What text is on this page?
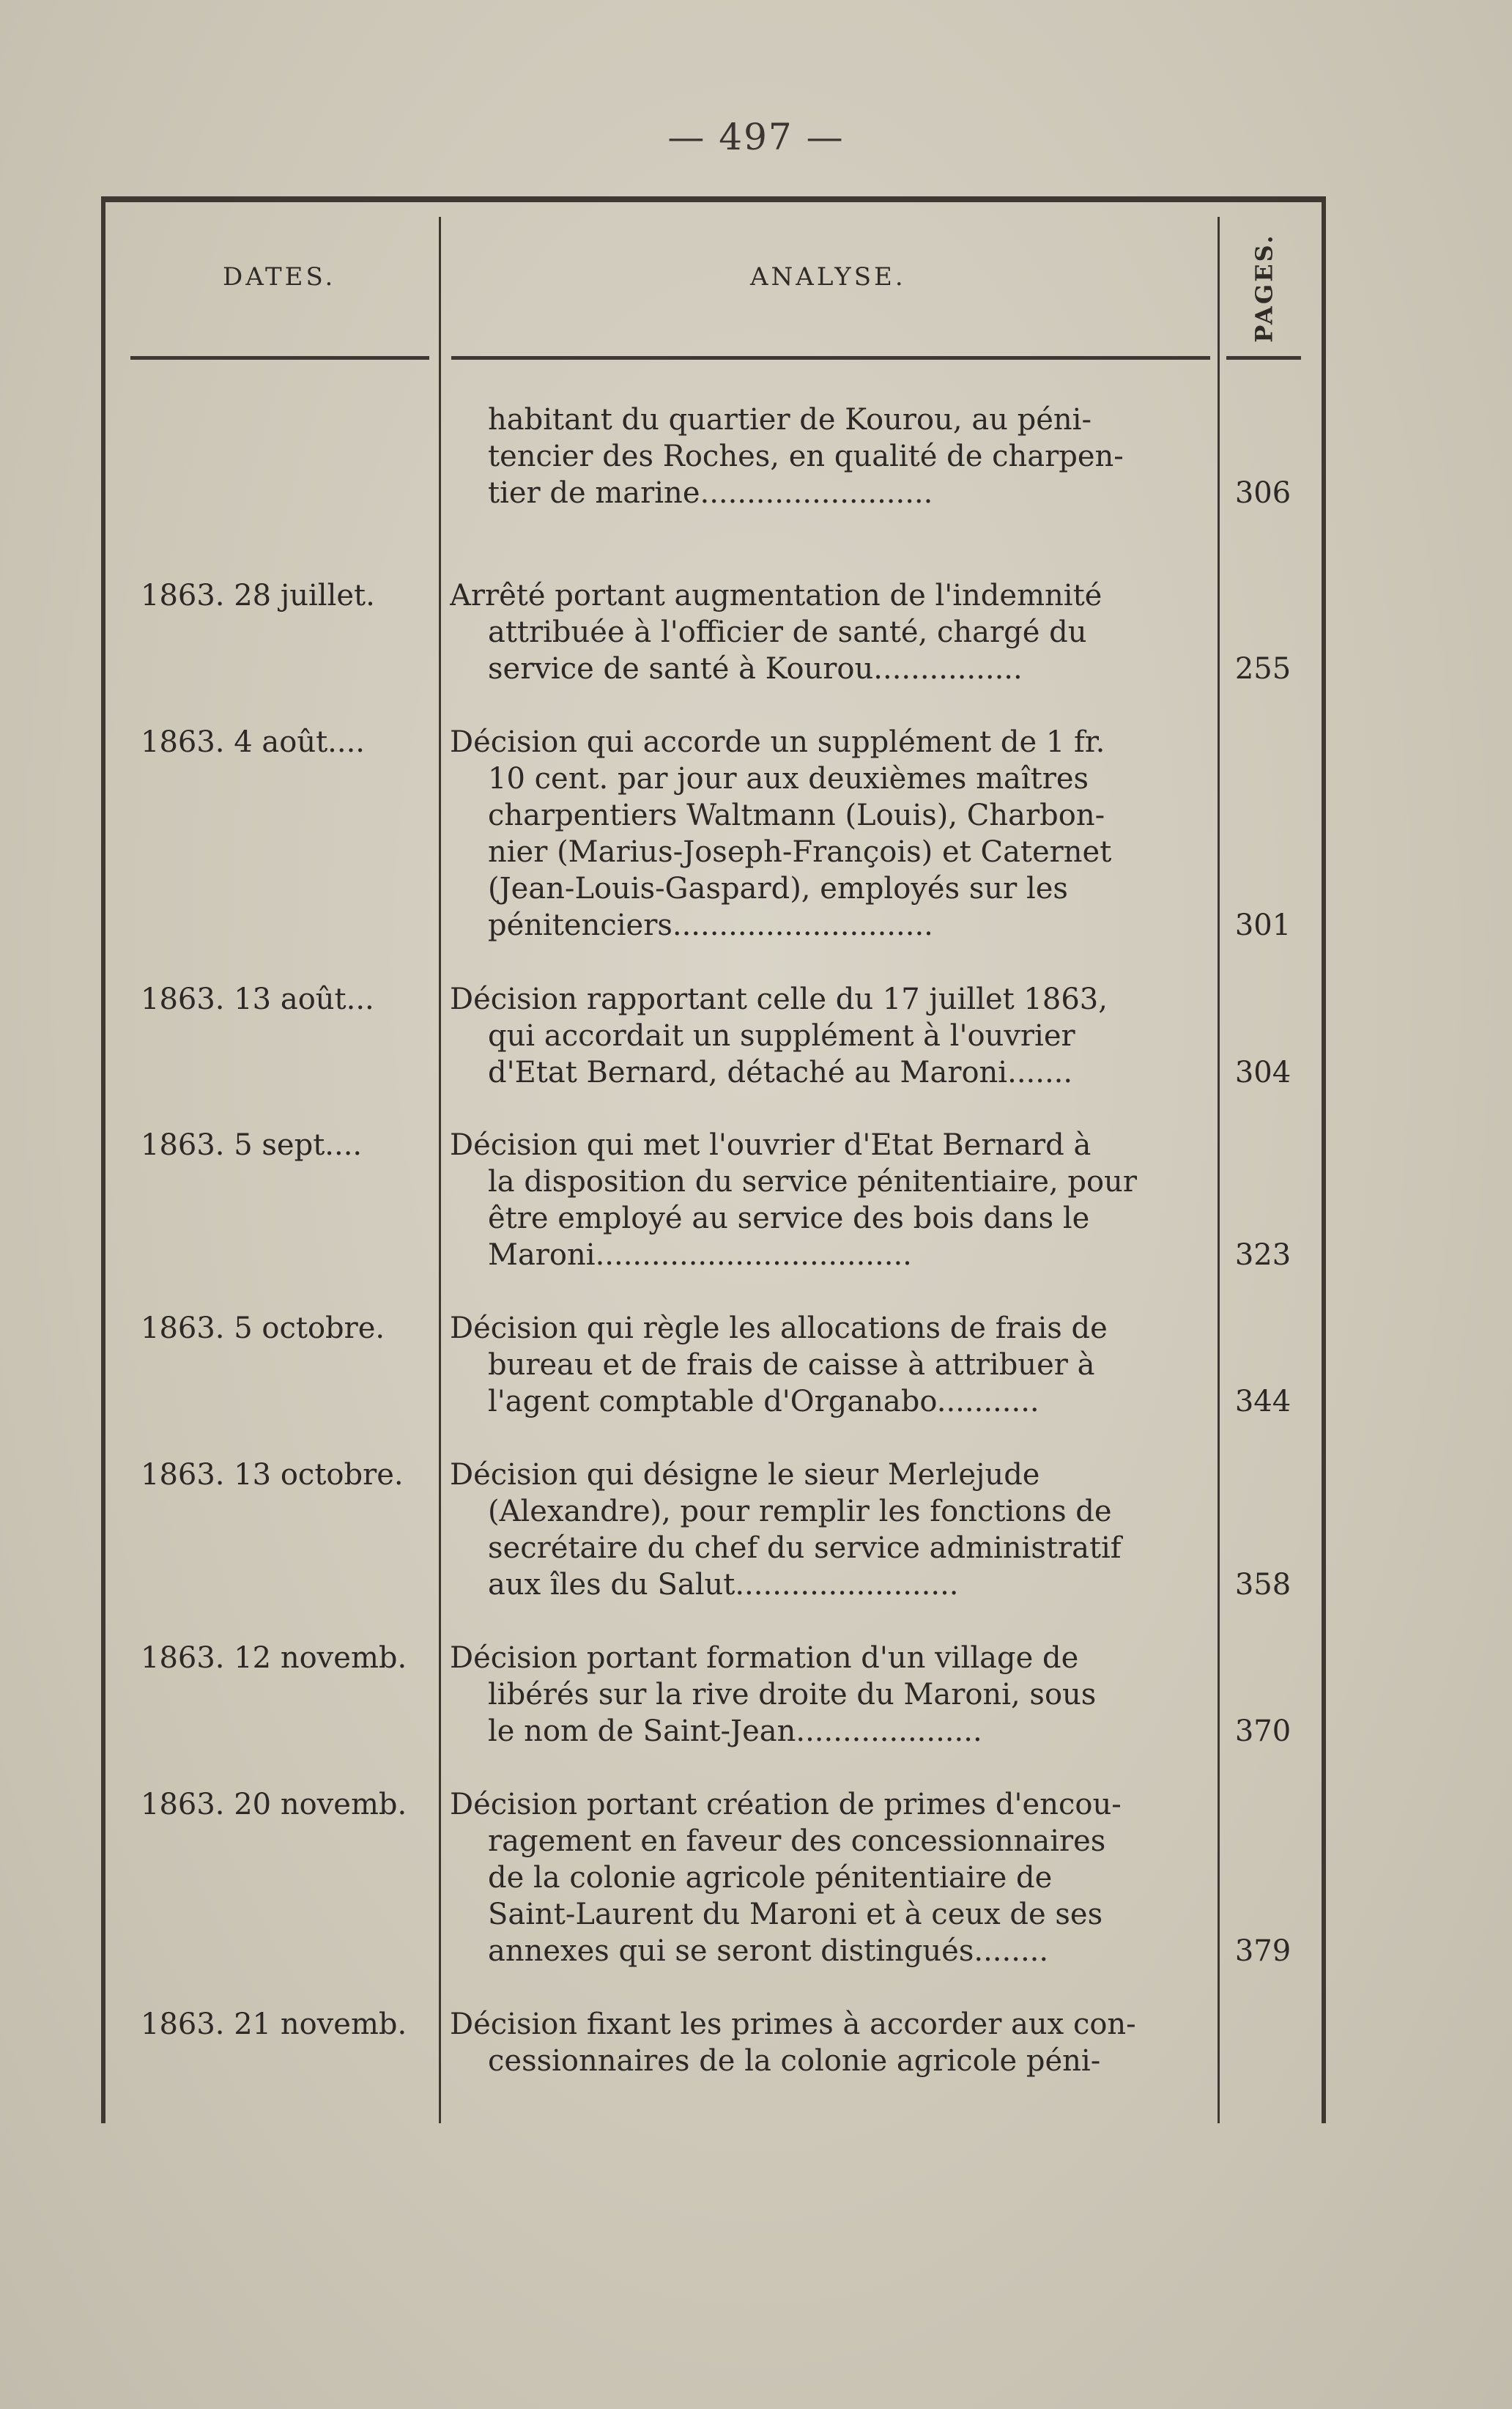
— 497 —
DATES.	ANALYSE.	PAGES.
habitant du quartier de Kourou, au péni-
tencier des Roches, en qualité de charpen-
tier de marine.........................	306
1863. 28 juillet.	Arrêté portant augmentation de l'indemnité
attribuée à l'officier de santé, chargé du
service de santé à Kourou................	255
1863. 4 août....	Décision qui accorde un supplément de 1 fr.
10 cent. par jour aux deuxièmes maîtres
charpentiers Waltmann (Louis), Charbon-
nier (Marius-Joseph-François) et Caternet
(Jean-Louis-Gaspard), employés sur les
pénitenciers............................	301
1863. 13 août...	Décision rapportant celle du 17 juillet 1863,
qui accordait un supplément à l'ouvrier
d'Etat Bernard, détaché au Maroni.......	304
1863. 5 sept....	Décision qui met l'ouvrier d'Etat Bernard à
la disposition du service pénitentiaire, pour
être employé au service des bois dans le
Maroni..................................	323
1863. 5 octobre.	Décision qui règle les allocations de frais de
bureau et de frais de caisse à attribuer à
l'agent comptable d'Organabo...........	344
1863. 13 octobre.	Décision qui désigne le sieur Merlejude
(Alexandre), pour remplir les fonctions de
secrétaire du chef du service administratif
aux îles du Salut........................	358
1863. 12 novemb.	Décision portant formation d'un village de
libérés sur la rive droite du Maroni, sous
le nom de Saint-Jean....................	370
1863. 20 novemb.	Décision portant création de primes d'encou-
ragement en faveur des concessionnaires
de la colonie agricole pénitentiaire de
Saint-Laurent du Maroni et à ceux de ses
annexes qui se seront distingués........	379
1863. 21 novemb.	Décision fixant les primes à accorder aux con-
cessionnaires de la colonie agricole péni-
